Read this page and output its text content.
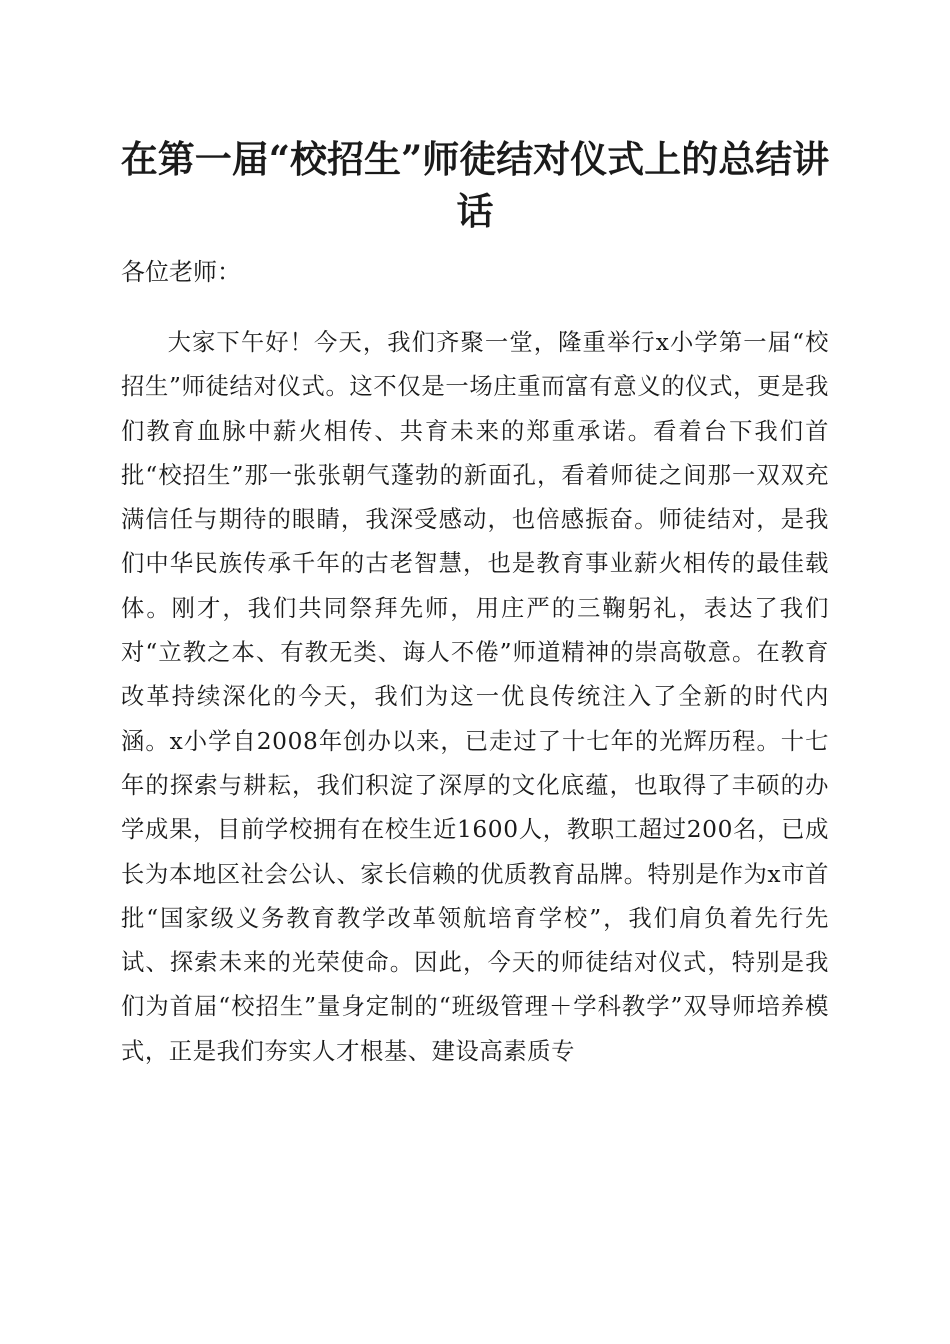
在第一届“校招生”师徒结对仪式上的总结讲话

各位老师：

大家下午好！今天，我们齐聚一堂，隆重举行x小学第一届“校招生”师徒结对仪式。这不仅是一场庄重而富有意义的仪式，更是我们教育血脉中薪火相传、共育未来的郑重承诺。看着台下我们首批“校招生”那一张张朝气蓬勃的新面孔，看着师徒之间那一双双充满信任与期待的眼睛，我深受感动，也倍感振奋。师徒结对，是我们中华民族传承千年的古老智慧，也是教育事业薪火相传的最佳载体。刚才，我们共同祭拜先师，用庄严的三鞠躬礼，表达了我们对“立教之本、有教无类、诲人不倦”师道精神的崇高敬意。在教育改革持续深化的今天，我们为这一优良传统注入了全新的时代内涵。x小学自2008年创办以来，已走过了十七年的光辉历程。十七年的探索与耕耘，我们积淀了深厚的文化底蕴，也取得了丰硕的办学成果，目前学校拥有在校生近1600人，教职工超过200名，已成长为本地区社会公认、家长信赖的优质教育品牌。特别是作为x市首批“国家级义务教育教学改革领航培育学校”，我们肩负着先行先试、探索未来的光荣使命。因此，今天的师徒结对仪式，特别是我们为首届“校招生”量身定制的“班级管理＋学科教学”双导师培养模式，正是我们夯实人才根基、建设高素质专
